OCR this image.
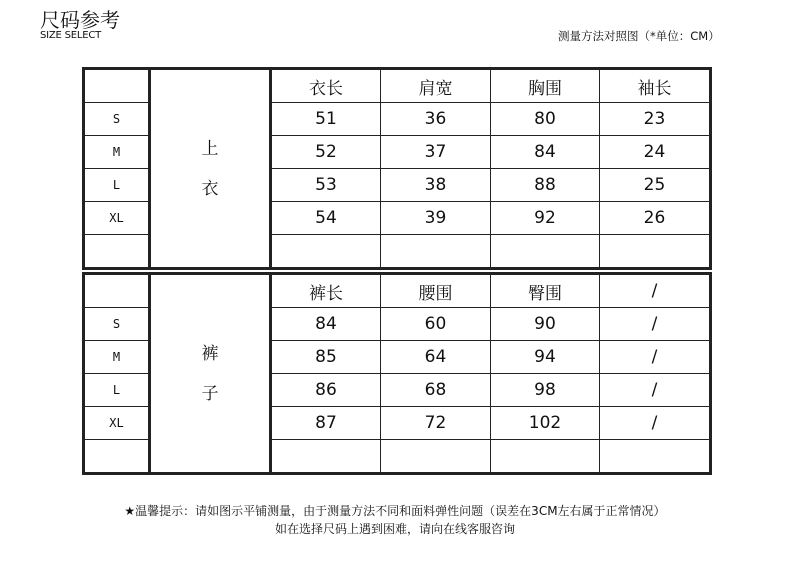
尺码参考
SIZE SELECT	测量方法对照图（*单位：CM）

	上
衣	衣长	肩宽	胸围	袖长
S		51	36	80	23
M		52	37	84	24
L		53	38	88	25
XL		54	39	92	26

	裤
子	裤长	腰围	臀围	/
S		84	60	90	/
M		85	64	94	/
L		86	68	98	/
XL		87	72	102	/

★温馨提示：请如图示平铺测量，由于测量方法不同和面料弹性问题（误差在3CM左右属于正常情况）
如在选择尺码上遇到困难，请向在线客服咨询
